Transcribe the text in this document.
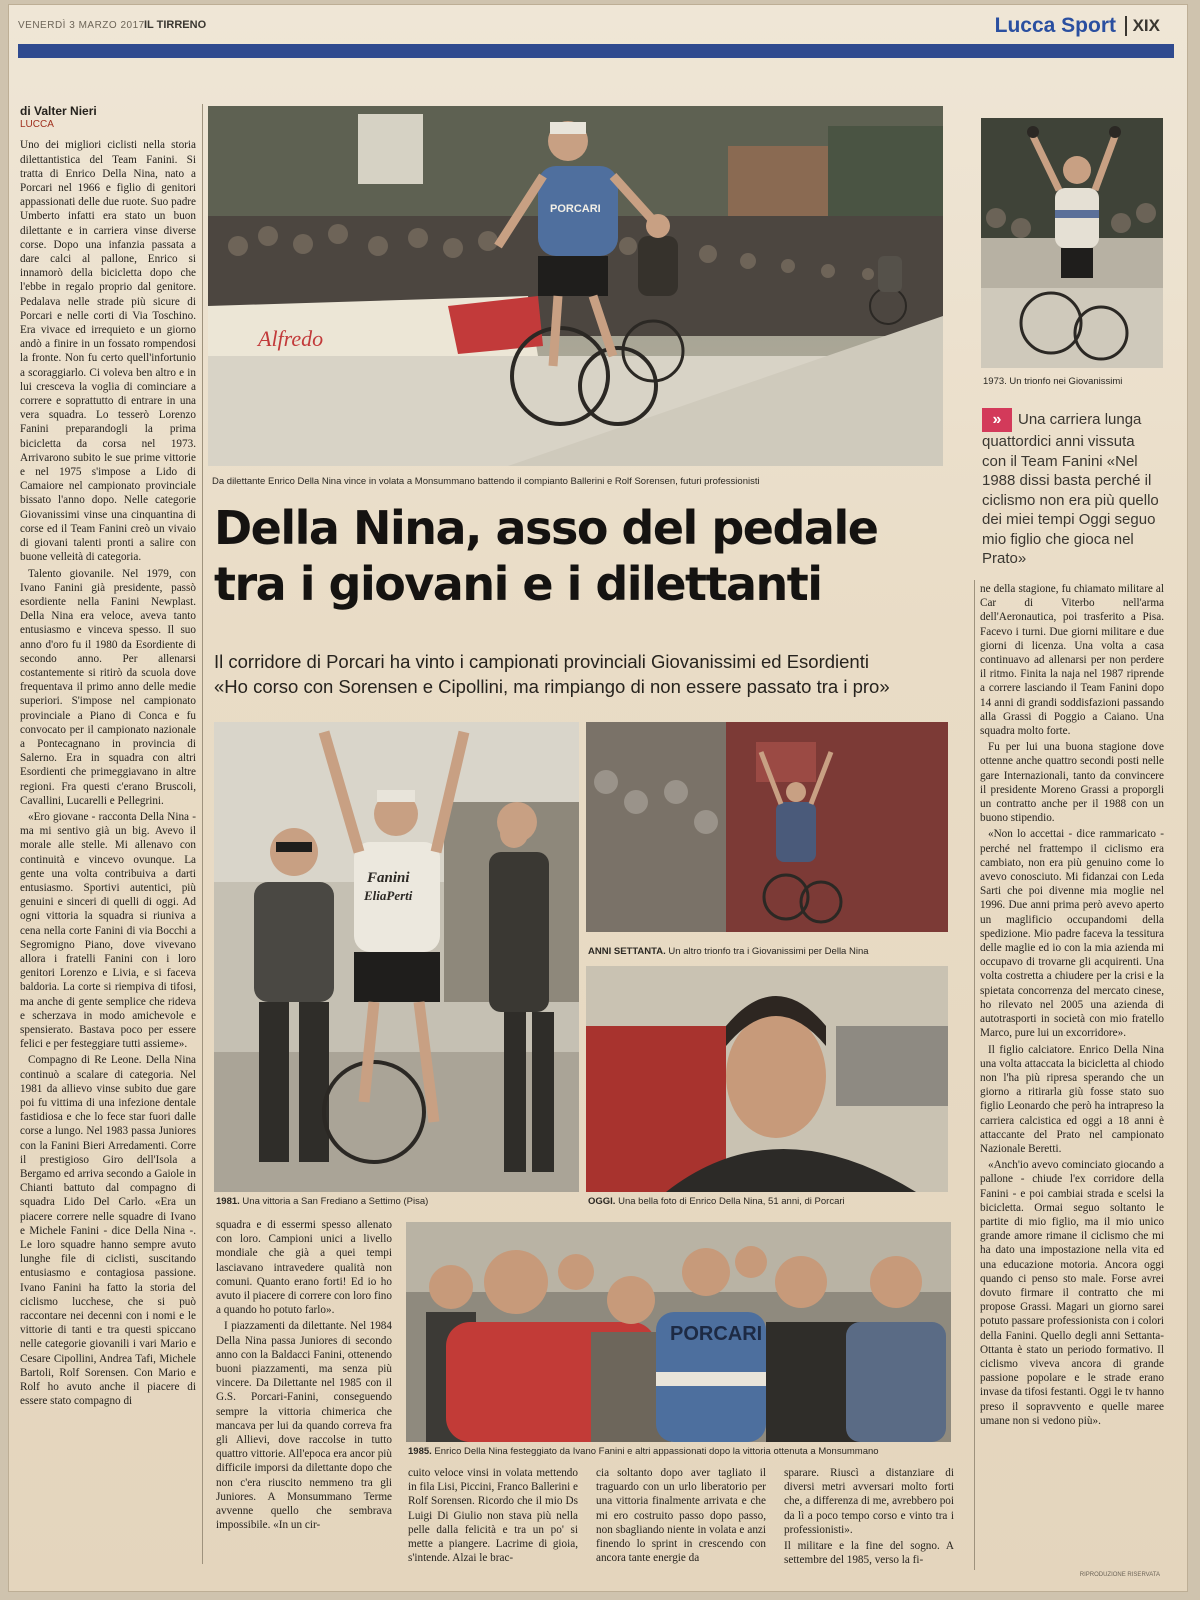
VENERDÌ 3 MARZO 2017 IL TIRRENO	Lucca Sport XIX
di Valter Nieri
LUCCA

Uno dei migliori ciclisti nella storia dilettantistica del Team Fanini. Si tratta di Enrico Della Nina, nato a Porcari nel 1966 e figlio di genitori appassionati delle due ruote. Suo padre Umberto infatti era stato un buon dilettante e in carriera vinse diverse corse. Dopo una infanzia passata a dare calci al pallone, Enrico si innamorò della bicicletta dopo che l'ebbe in regalo proprio dal genitore. Pedalava nelle strade più sicure di Porcari e nelle corti di Via Toschino. Era vivace ed irrequieto e un giorno andò a finire in un fossato rompendosi la fronte. Non fu certo quell'infortunio a scoraggiarlo. Ci voleva ben altro e in lui cresceva la voglia di cominciare a correre e soprattutto di entrare in una vera squadra. Lo tesserò Lorenzo Fanini preparandogli la prima bicicletta da corsa nel 1973. Arrivarono subito le sue prime vittorie e nel 1975 s'impose a Lido di Camaiore nel campionato provinciale bissato l'anno dopo. Nelle categorie Giovanissimi vinse una cinquantina di corse ed il Team Fanini creò un vivaio di giovani talenti pronti a salire con buone velleità di categoria.

Talento giovanile. Nel 1979, con Ivano Fanini già presidente, passò esordiente nella Fanini Newplast. Della Nina era veloce, aveva tanto entusiasmo e vinceva spesso. Il suo anno d'oro fu il 1980 da Esordiente di secondo anno. Per allenarsi costantemente si ritirò da scuola dove frequentava il primo anno delle medie superiori. S'impose nel campionato provinciale a Piano di Conca e fu convocato per il campionato nazionale a Pontecagnano in provincia di Salerno. Era in squadra con altri Esordienti che primeggiavano in altre regioni. Fra questi c'erano Bruscoli, Cavallini, Lucarelli e Pellegrini.

«Ero giovane - racconta Della Nina - ma mi sentivo già un big. Avevo il morale alle stelle. Mi allenavo con continuità e vincevo ovunque. La gente una volta contribuiva a darti entusiasmo. Sportivi autentici, più genuini e sinceri di quelli di oggi. Ad ogni vittoria la squadra si riuniva a cena nella corte Fanini di via Bocchi a Segromigno Piano, dove vivevano allora i fratelli Fanini con i loro genitori Lorenzo e Livia, e si faceva baldoria. La corte si riempiva di tifosi, ma anche di gente semplice che rideva e scherzava in modo amichevole e spensierato. Bastava poco per essere felici e per festeggiare tutti assieme».

Compagno di Re Leone. Della Nina continuò a scalare di categoria. Nel 1981 da allievo vinse subito due gare poi fu vittima di una infezione dentale fastidiosa e che lo fece star fuori dalle corse a lungo. Nel 1983 passa Juniores con la Fanini Bieri Arredamenti. Corre il prestigioso Giro dell'Isola a Bergamo ed arriva secondo a Gaiole in Chianti battuto dal compagno di squadra Lido Del Carlo. «Era un piacere correre nelle squadre di Ivano e Michele Fanini - dice Della Nina -. Le loro squadre hanno sempre avuto lunghe file di ciclisti, suscitando entusiasmo e contagiosa passione. Ivano Fanini ha fatto la storia del ciclismo lucchese, che si può raccontare nei decenni con i nomi e le vittorie di tanti e tra questi spiccano nelle categorie giovanili i vari Mario e Cesare Cipollini, Andrea Tafi, Michele Bartoli, Rolf Sorensen. Con Mario e Rolf ho avuto anche il piacere di essere stato compagno di

PORCARI
Alfredo
Da dilettante Enrico Della Nina vince in volata a Monsummano battendo il compianto Ballerini e Rolf Sorensen, futuri professionisti
1973. Un trionfo nei Giovanissimi
» Una carriera lunga quattordici anni vissuta con il Team Fanini «Nel 1988 dissi basta perché il ciclismo non era più quello dei miei tempi Oggi seguo mio figlio che gioca nel Prato»
Della Nina, asso del pedale
tra i giovani e i dilettanti
Il corridore di Porcari ha vinto i campionati provinciali Giovanissimi ed Esordienti
«Ho corso con Sorensen e Cipollini, ma rimpiango di non essere passato tra i pro»
Fanini
EliaPerti
1981. Una vittoria a San Frediano a Settimo (Pisa)
ANNI SETTANTA. Un altro trionfo tra i Giovanissimi per Della Nina
OGGI. Una bella foto di Enrico Della Nina, 51 anni, di Porcari

ne della stagione, fu chiamato militare al Car di Viterbo nell'arma dell'Aeronautica, poi trasferito a Pisa. Facevo i turni. Due giorni militare e due giorni di licenza. Una volta a casa continuavo ad allenarsi per non perdere il ritmo. Finita la naja nel 1987 riprende a correre lasciando il Team Fanini dopo 14 anni di grandi soddisfazioni passando alla Grassi di Poggio a Caiano. Una squadra molto forte.

Fu per lui una buona stagione dove ottenne anche quattro secondi posti nelle gare Internazionali, tanto da convincere il presidente Moreno Grassi a proporgli un contratto anche per il 1988 con un buono stipendio.

«Non lo accettai - dice rammaricato - perché nel frattempo il ciclismo era cambiato, non era più genuino come lo avevo conosciuto. Mi fidanzai con Leda Sarti che poi divenne mia moglie nel 1996. Due anni prima però avevo aperto un maglificio occupandomi della spedizione. Mio padre faceva la tessitura delle maglie ed io con la mia azienda mi occupavo di trovarne gli acquirenti. Una volta costretta a chiudere per la crisi e la spietata concorrenza del mercato cinese, ho rilevato nel 2005 una azienda di autotrasporti in società con mio fratello Marco, pure lui un excorridore».

Il figlio calciatore. Enrico Della Nina una volta attaccata la bicicletta al chiodo non l'ha più ripresa sperando che un giorno a ritirarla giù fosse stato suo figlio Leonardo che però ha intrapreso la carriera calcistica ed oggi a 18 anni è attaccante del Prato nel campionato Nazionale Beretti.

«Anch'io avevo cominciato giocando a pallone - chiude l'ex corridore della Fanini - e poi cambiai strada e scelsi la bicicletta. Ormai seguo soltanto le partite di mio figlio, ma il mio unico grande amore rimane il ciclismo che mi ha dato una impostazione nella vita ed una educazione motoria. Ancora oggi quando ci penso sto male. Forse avrei dovuto firmare il contratto che mi propose Grassi. Magari un giorno sarei potuto passare professionista con i colori della Fanini. Quello degli anni Settanta-Ottanta è stato un periodo formativo. Il ciclismo viveva ancora di grande passione popolare e le strade erano invase da tifosi festanti. Oggi le tv hanno preso il sopravvento e quelle maree umane non si vedono più».

squadra e di essermi spesso allenato con loro. Campioni unici a livello mondiale che già a quei tempi lasciavano intravedere qualità non comuni. Quanto erano forti! Ed io ho avuto il piacere di correre con loro fino a quando ho potuto farlo».

I piazzamenti da dilettante. Nel 1984 Della Nina passa Juniores di secondo anno con la Baldacci Fanini, ottenendo buoni piazzamenti, ma senza più vincere. Da Dilettante nel 1985 con il G.S. Porcari-Fanini, conseguendo sempre la vittoria chimerica che mancava per lui da quando correva fra gli Allievi, dove raccolse in tutto quattro vittorie. All'epoca era ancor più difficile imporsi da dilettante dopo che non c'era riuscito nemmeno tra gli Juniores. A Monsummano Terme avvenne quello che sembrava impossibile. «In un cir-

PORCARI
1985. Enrico Della Nina festeggiato da Ivano Fanini e altri appassionati dopo la vittoria ottenuta a Monsummano

cuito veloce vinsi in volata mettendo in fila Lisi, Piccini, Franco Ballerini e Rolf Sorensen. Ricordo che il mio Ds Luigi Di Giulio non stava più nella pelle dalla felicità e tra un po' si mette a piangere. Lacrime di gioia, s'intende. Alzai le brac-

cia soltanto dopo aver tagliato il traguardo con un urlo liberatorio per una vittoria finalmente arrivata e che mi ero costruito passo dopo passo, non sbagliando niente in volata e anzi finendo lo sprint in crescendo con ancora tante energie da

sparare. Riuscì a distanziare di diversi metri avversari molto forti che, a differenza di me, avrebbero poi da lì a poco tempo corso e vinto tra i professionisti».

Il militare e la fine del sogno. A settembre del 1985, verso la fi-

RIPRODUZIONE RISERVATA
